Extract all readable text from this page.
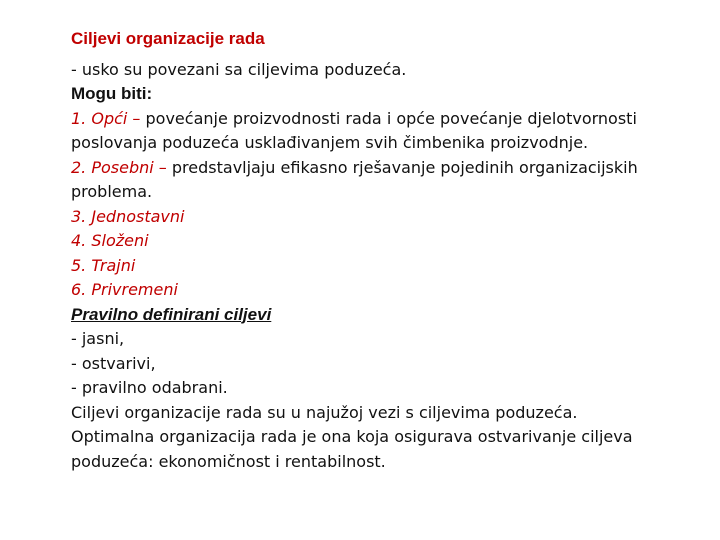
Ciljevi organizacije rada

- usko su povezani sa ciljevima poduzeća.

Mogu biti:

1. Opći – povećanje proizvodnosti rada i opće povećanje djelotvornosti poslovanja poduzeća usklađivanjem svih čimbenika proizvodnje.

2. Posebni – predstavljaju efikasno rješavanje pojedinih organizacijskih problema.

3. Jednostavni

4. Složeni

5. Trajni

6. Privremeni

Pravilno definirani ciljevi

- jasni,

- ostvarivi,

- pravilno odabrani.

Ciljevi organizacije rada su u najužoj vezi s ciljevima poduzeća.

Optimalna organizacija rada je ona koja osigurava ostvarivanje ciljeva poduzeća: ekonomičnost i rentabilnost.
